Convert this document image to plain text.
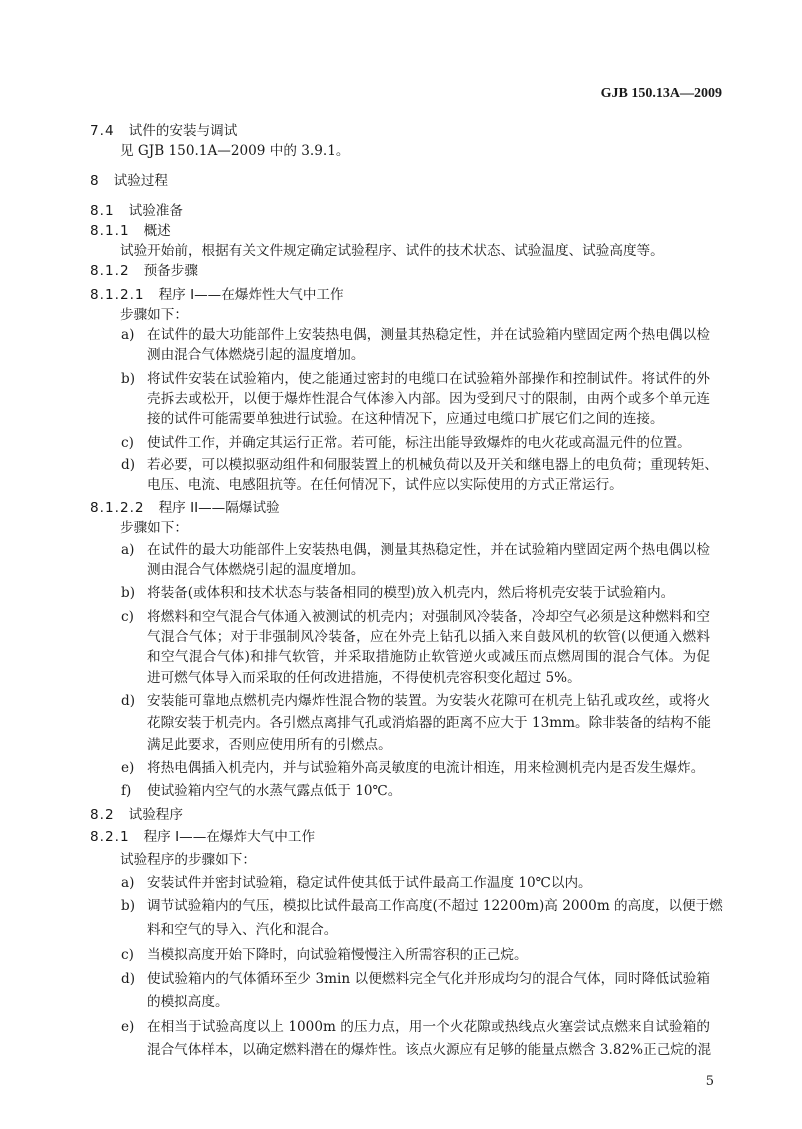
GJB 150.13A—2009
7.4 试件的安装与调试
见 GJB 150.1A—2009 中的 3.9.1。
8 试验过程
8.1 试验准备
8.1.1 概述
试验开始前，根据有关文件规定确定试验程序、试件的技术状态、试验温度、试验高度等。
8.1.2 预备步骤
8.1.2.1 程序 I——在爆炸性大气中工作
步骤如下：
a) 在试件的最大功能部件上安装热电偶，测量其热稳定性，并在试验箱内壁固定两个热电偶以检
测由混合气体燃烧引起的温度增加。
b) 将试件安装在试验箱内，使之能通过密封的电缆口在试验箱外部操作和控制试件。将试件的外
壳拆去或松开，以便于爆炸性混合气体渗入内部。因为受到尺寸的限制，由两个或多个单元连
接的试件可能需要单独进行试验。在这种情况下，应通过电缆口扩展它们之间的连接。
c) 使试件工作，并确定其运行正常。若可能，标注出能导致爆炸的电火花或高温元件的位置。
d) 若必要，可以模拟驱动组件和伺服装置上的机械负荷以及开关和继电器上的电负荷；重现转矩、
电压、电流、电感阻抗等。在任何情况下，试件应以实际使用的方式正常运行。
8.1.2.2 程序 II——隔爆试验
步骤如下：
a) 在试件的最大功能部件上安装热电偶，测量其热稳定性，并在试验箱内壁固定两个热电偶以检
测由混合气体燃烧引起的温度增加。
b) 将装备(或体积和技术状态与装备相同的模型)放入机壳内，然后将机壳安装于试验箱内。
c) 将燃料和空气混合气体通入被测试的机壳内；对强制风冷装备，冷却空气必须是这种燃料和空
气混合气体；对于非强制风冷装备，应在外壳上钻孔以插入来自鼓风机的软管(以便通入燃料
和空气混合气体)和排气软管，并采取措施防止软管逆火或减压而点燃周围的混合气体。为促
进可燃气体导入而采取的任何改进措施，不得使机壳容积变化超过 5%。
d) 安装能可靠地点燃机壳内爆炸性混合物的装置。为安装火花隙可在机壳上钻孔或攻丝，或将火
花隙安装于机壳内。各引燃点离排气孔或消焰器的距离不应大于 13mm。除非装备的结构不能
满足此要求，否则应使用所有的引燃点。
e) 将热电偶插入机壳内，并与试验箱外高灵敏度的电流计相连，用来检测机壳内是否发生爆炸。
f) 使试验箱内空气的水蒸气露点低于 10℃。
8.2 试验程序
8.2.1 程序 I——在爆炸大气中工作
试验程序的步骤如下：
a) 安装试件并密封试验箱，稳定试件使其低于试件最高工作温度 10℃以内。
b) 调节试验箱内的气压，模拟比试件最高工作高度(不超过 12200m)高 2000m 的高度，以便于燃
料和空气的导入、汽化和混合。
c) 当模拟高度开始下降时，向试验箱慢慢注入所需容积的正己烷。
d) 使试验箱内的气体循环至少 3min 以便燃料完全气化并形成均匀的混合气体，同时降低试验箱
的模拟高度。
e) 在相当于试验高度以上 1000m 的压力点，用一个火花隙或热线点火塞尝试点燃来自试验箱的
混合气体样本，以确定燃料潜在的爆炸性。该点火源应有足够的能量点燃含 3.82%正己烷的混
5
